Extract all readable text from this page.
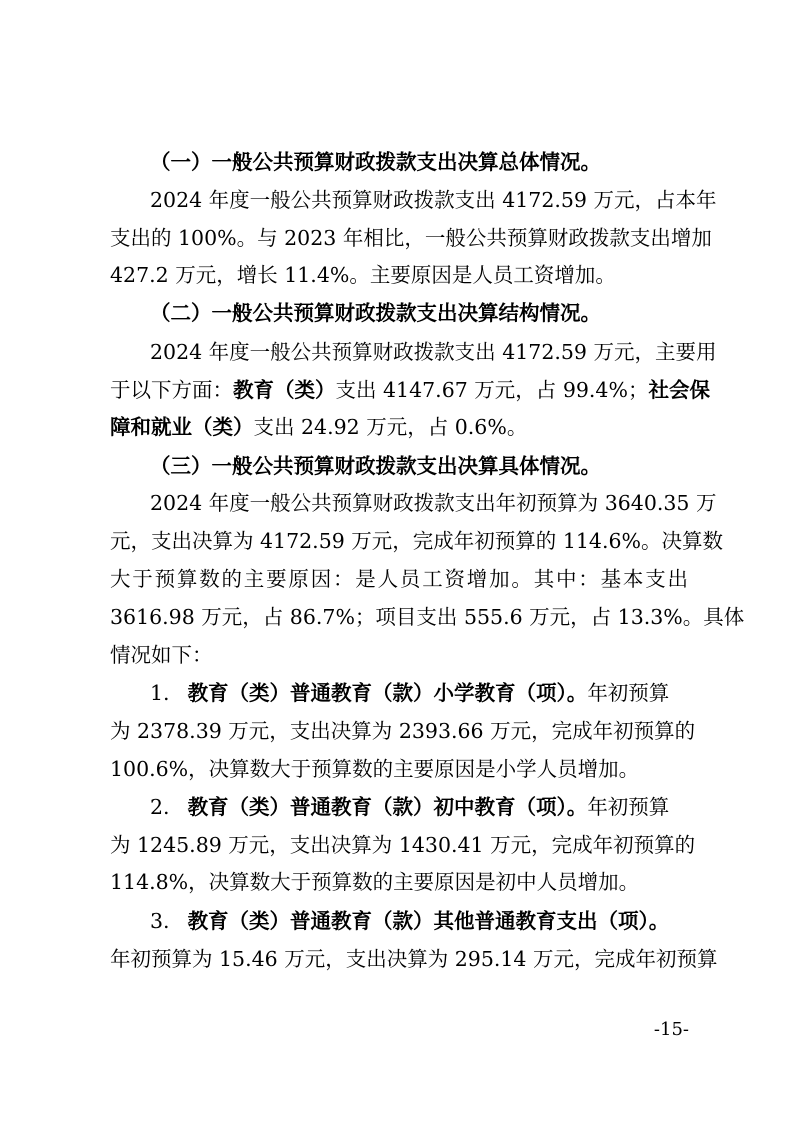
（一）一般公共预算财政拨款支出决算总体情况。
2024 年度一般公共预算财政拨款支出 4172.59 万元，占本年
支出的 100%。与 2023 年相比，一般公共预算财政拨款支出增加
427.2 万元，增长 11.4%。主要原因是人员工资增加。
（二）一般公共预算财政拨款支出决算结构情况。
2024 年度一般公共预算财政拨款支出 4172.59 万元，主要用
于以下方面：教育（类）支出 4147.67 万元，占 99.4%；社会保
障和就业（类）支出 24.92 万元，占 0.6%。
（三）一般公共预算财政拨款支出决算具体情况。
2024 年度一般公共预算财政拨款支出年初预算为 3640.35 万
元，支出决算为 4172.59 万元，完成年初预算的 114.6%。决算数
大于预算数的主要原因：是人员工资增加。其中：基本支出
3616.98 万元，占 86.7%；项目支出 555.6 万元，占 13.3%。具体
情况如下：
1. 教育（类）普通教育（款）小学教育（项）。年初预算
为 2378.39 万元，支出决算为 2393.66 万元，完成年初预算的
100.6%，决算数大于预算数的主要原因是小学人员增加。
2. 教育（类）普通教育（款）初中教育（项）。年初预算
为 1245.89 万元，支出决算为 1430.41 万元，完成年初预算的
114.8%，决算数大于预算数的主要原因是初中人员增加。
3. 教育（类）普通教育（款）其他普通教育支出（项）。
年初预算为 15.46 万元，支出决算为 295.14 万元，完成年初预算
-15-
